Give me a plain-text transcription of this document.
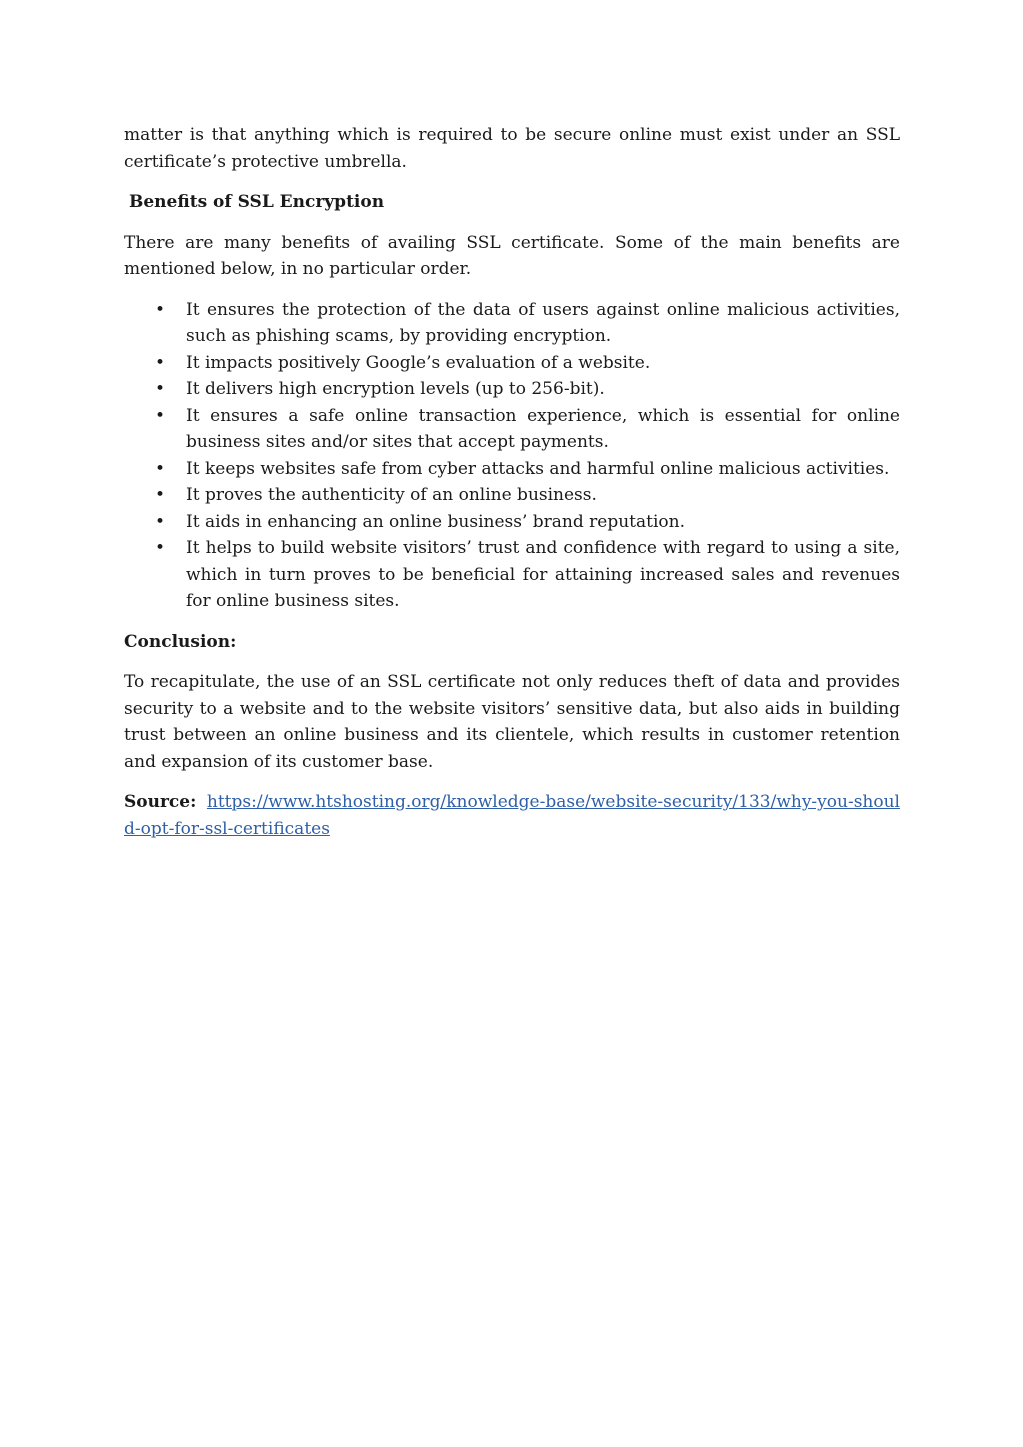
matter is that anything which is required to be secure online must exist under an SSL certificate’s protective umbrella.

Benefits of SSL Encryption

There are many benefits of availing SSL certificate. Some of the main benefits are mentioned below, in no particular order.

• It ensures the protection of the data of users against online malicious activities, such as phishing scams, by providing encryption.
• It impacts positively Google’s evaluation of a website.
• It delivers high encryption levels (up to 256-bit).
• It ensures a safe online transaction experience, which is essential for online business sites and/or sites that accept payments.
• It keeps websites safe from cyber attacks and harmful online malicious activities.
• It proves the authenticity of an online business.
• It aids in enhancing an online business’ brand reputation.
• It helps to build website visitors’ trust and confidence with regard to using a site, which in turn proves to be beneficial for attaining increased sales and revenues for online business sites.
Conclusion:

To recapitulate, the use of an SSL certificate not only reduces theft of data and provides security to a website and to the website visitors’ sensitive data, but also aids in building trust between an online business and its clientele, which results in customer retention and expansion of its customer base.

Source: https://www.htshosting.org/knowledge-base/website-security/133/why-you-should-opt-for-ssl-certificates
